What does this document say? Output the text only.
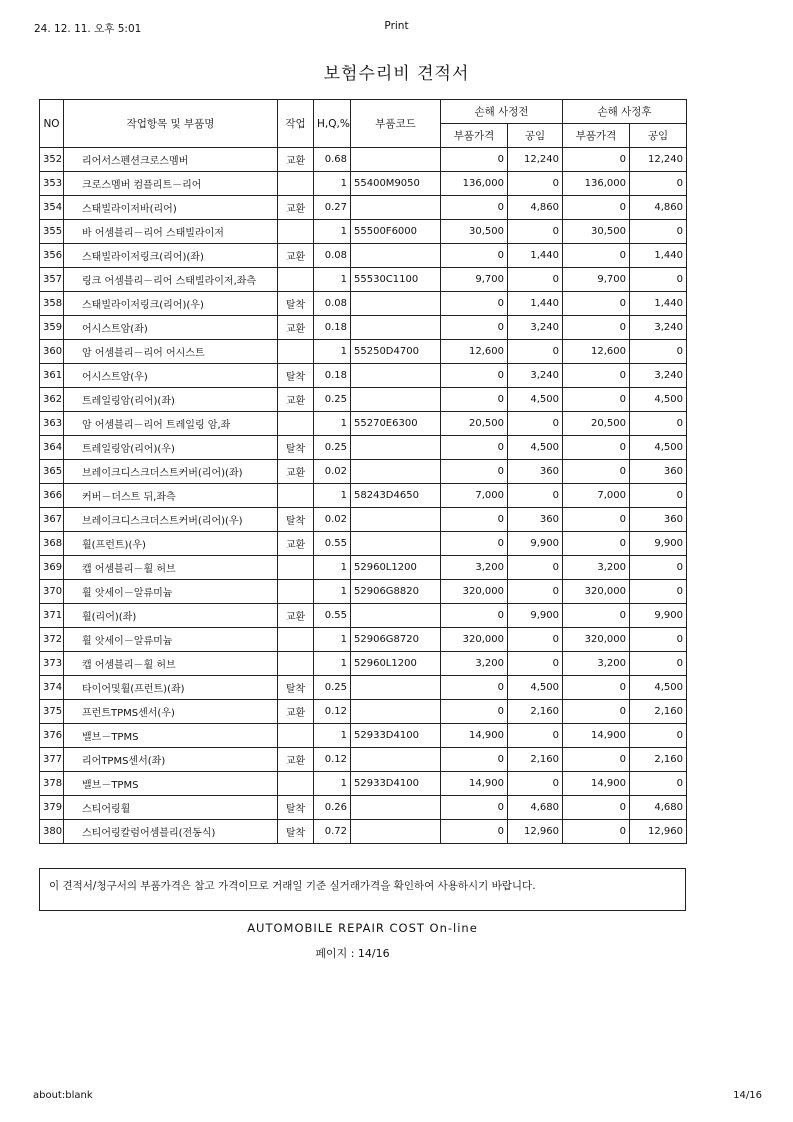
24. 12. 11. 오후 5:01	Print
보험수리비 견적서
NO	작업항목 및 부품명	작업	H,Q,%	부품코드	손해 사정전		손해 사정후	
					부품가격	공임	부품가격	공임
352	리어서스펜션크로스멤버	교환	0.68		0	12,240	0	12,240
353	크로스멤버 컴플리트－리어		1	55400M9050	136,000	0	136,000	0
354	스태빌라이저바(리어)	교환	0.27		0	4,860	0	4,860
355	바 어셈블리－리어 스태빌라이저		1	55500F6000	30,500	0	30,500	0
356	스태빌라이저링크(리어)(좌)	교환	0.08		0	1,440	0	1,440
357	링크 어셈블리－리어 스태빌라이저,좌측		1	55530C1100	9,700	0	9,700	0
358	스태빌라이저링크(리어)(우)	탈착	0.08		0	1,440	0	1,440
359	어시스트암(좌)	교환	0.18		0	3,240	0	3,240
360	암 어셈블리－리어 어시스트		1	55250D4700	12,600	0	12,600	0
361	어시스트암(우)	탈착	0.18		0	3,240	0	3,240
362	트레일링암(리어)(좌)	교환	0.25		0	4,500	0	4,500
363	암 어셈블리－리어 트레일링 암,좌		1	55270E6300	20,500	0	20,500	0
364	트레일링암(리어)(우)	탈착	0.25		0	4,500	0	4,500
365	브레이크디스크더스트커버(리어)(좌)	교환	0.02		0	360	0	360
366	커버－더스트 뒤,좌측		1	58243D4650	7,000	0	7,000	0
367	브레이크디스크더스트커버(리어)(우)	탈착	0.02		0	360	0	360
368	휠(프런트)(우)	교환	0.55		0	9,900	0	9,900
369	캡 어셈블리－휠 허브		1	52960L1200	3,200	0	3,200	0
370	휠 앗세이－알류미늄		1	52906G8820	320,000	0	320,000	0
371	휠(리어)(좌)	교환	0.55		0	9,900	0	9,900
372	휠 앗세이－알류미늄		1	52906G8720	320,000	0	320,000	0
373	캡 어셈블리－휠 허브		1	52960L1200	3,200	0	3,200	0
374	타이어및휠(프런트)(좌)	탈착	0.25		0	4,500	0	4,500
375	프런트TPMS센서(우)	교환	0.12		0	2,160	0	2,160
376	밸브－TPMS		1	52933D4100	14,900	0	14,900	0
377	리어TPMS센서(좌)	교환	0.12		0	2,160	0	2,160
378	밸브－TPMS		1	52933D4100	14,900	0	14,900	0
379	스티어링휠	탈착	0.26		0	4,680	0	4,680
380	스티어링칼럼어셈블리(전동식)	탈착	0.72		0	12,960	0	12,960
이 견적서/청구서의 부품가격은 참고 가격이므로 거래일 기준 실거래가격을 확인하여 사용하시기 바랍니다.
AUTOMOBILE REPAIR COST On-line
페이지 : 14/16
about:blank	14/16
